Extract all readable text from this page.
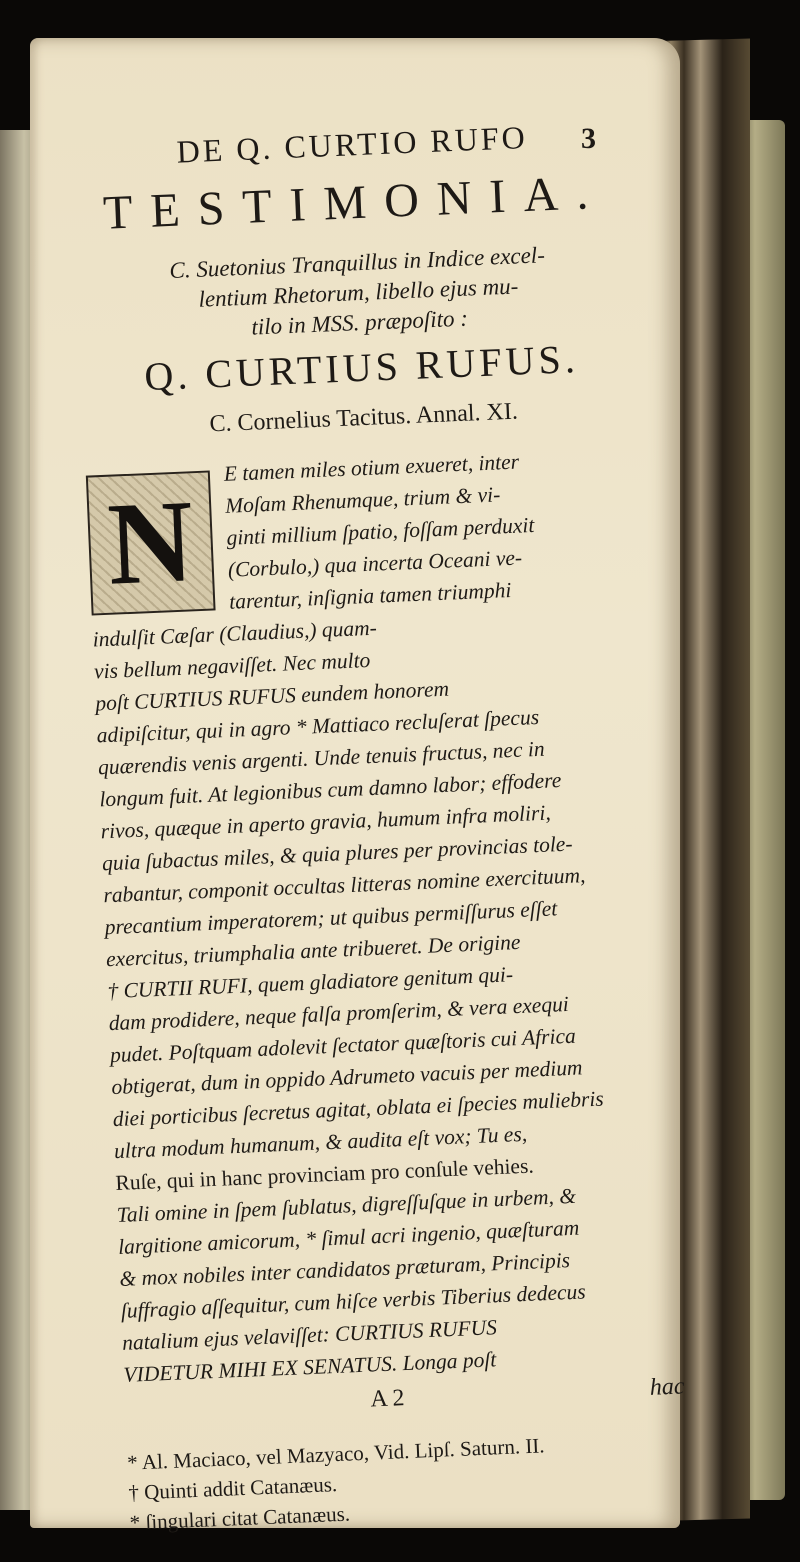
3
DE Q. CURTIO RUFO
TESTIMONIA.
C. Suetonius Tranquillus in Indice excel-
lentium Rhetorum, libello ejus mu-
tilo in MSS. præpoſito :
Q. CURTIUS RUFUS.
C. Cornelius Tacitus. Annal. XI.
N
E tamen miles otium exueret, inter
Moſam Rhenumque, trium & vi-
ginti millium ſpatio, foſſam perduxit
(Corbulo,) qua incerta Oceani ve-
tarentur, inſignia tamen triumphi
indulſit Cæſar (Claudius,) quam-
vis bellum negaviſſet. Nec multo
poſt CURTIUS RUFUS eundem honorem
adipiſcitur, qui in agro * Mattiaco recluſerat ſpecus
quærendis venis argenti. Unde tenuis fructus, nec in
longum fuit. At legionibus cum damno labor; effodere
rivos, quæque in aperto gravia, humum infra moliri,
quia ſubactus miles, & quia plures per provincias tole-
rabantur, componit occultas litteras nomine exercituum,
precantium imperatorem; ut quibus permiſſurus eſſet
exercitus, triumphalia ante tribueret. De origine
† CURTII RUFI, quem gladiatore genitum qui-
dam prodidere, neque falſa promſerim, & vera exequi
pudet. Poſtquam adolevit ſectator quæſtoris cui Africa
obtigerat, dum in oppido Adrumeto vacuis per medium
diei porticibus ſecretus agitat, oblata ei ſpecies muliebris
ultra modum humanum, & audita eſt vox; Tu es,
Ruſe, qui in hanc provinciam pro conſule vehies.
Tali omine in ſpem ſublatus, digreſſuſque in urbem, &
largitione amicorum, * ſimul acri ingenio, quæſturam
& mox nobiles inter candidatos præturam, Principis
ſuffragio aſſequitur, cum hiſce verbis Tiberius dedecus
natalium ejus velaviſſet: CURTIUS RUFUS
VIDETUR MIHI EX SENATUS. Longa poſt
A 2	hac
* Al. Maciaco, vel Mazyaco, Vid. Lipſ. Saturn. II.
† Quinti addit Catanæus.
* ſingulari citat Catanæus.
